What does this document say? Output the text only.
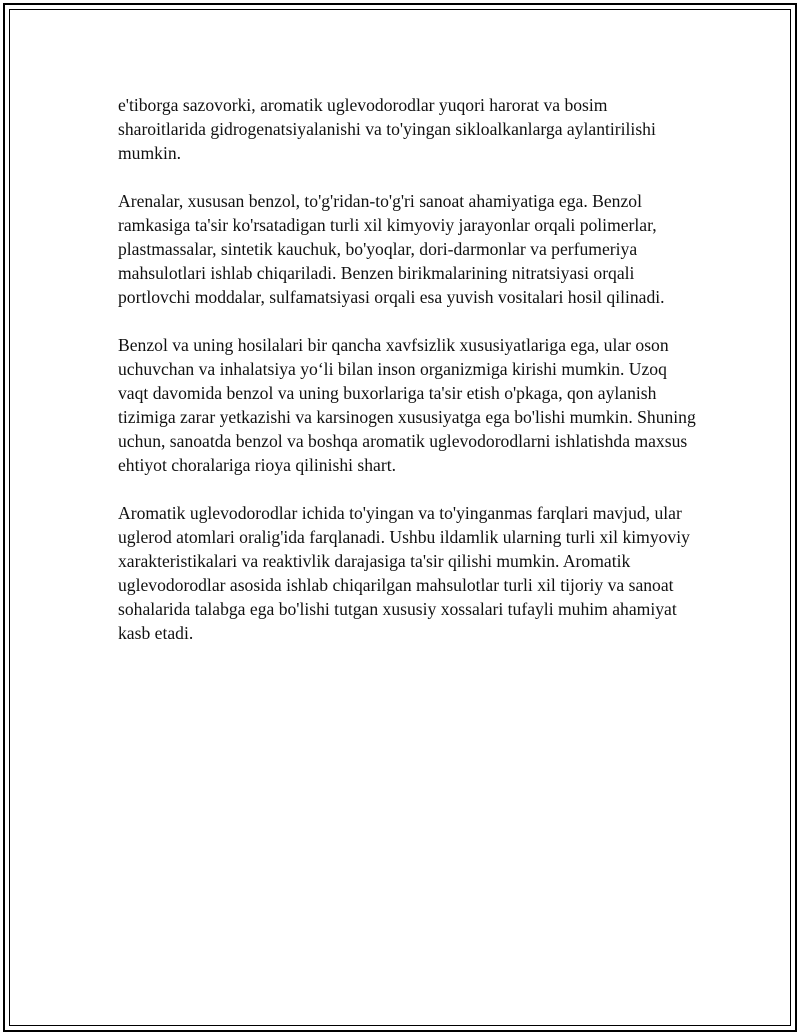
e'tiborga sazovorki, aromatik uglevodorodlar yuqori harorat va bosim sharoitlarida gidrogenatsiyalanishi va to'yingan sikloalkanlarga aylantirilishi mumkin.

Arenalar, xususan benzol, to'g'ridan-to'g'ri sanoat ahamiyatiga ega. Benzol ramkasiga ta'sir ko'rsatadigan turli xil kimyoviy jarayonlar orqali polimerlar, plastmassalar, sintetik kauchuk, bo'yoqlar, dori-darmonlar va perfumeriya mahsulotlari ishlab chiqariladi. Benzen birikmalarining nitratsiyasi orqali portlovchi moddalar, sulfamatsiyasi orqali esa yuvish vositalari hosil qilinadi.

Benzol va uning hosilalari bir qancha xavfsizlik xususiyatlariga ega, ular oson uchuvchan va inhalatsiya yo‘li bilan inson organizmiga kirishi mumkin. Uzoq vaqt davomida benzol va uning buxorlariga ta'sir etish o'pkaga, qon aylanish tizimiga zarar yetkazishi va karsinogen xususiyatga ega bo'lishi mumkin. Shuning uchun, sanoatda benzol va boshqa aromatik uglevodorodlarni ishlatishda maxsus ehtiyot choralariga rioya qilinishi shart.

Aromatik uglevodorodlar ichida to'yingan va to'yinganmas farqlari mavjud, ular uglerod atomlari oralig'ida farqlanadi. Ushbu ildamlik ularning turli xil kimyoviy xarakteristikalari va reaktivlik darajasiga ta'sir qilishi mumkin. Aromatik uglevodorodlar asosida ishlab chiqarilgan mahsulotlar turli xil tijoriy va sanoat sohalarida talabga ega bo'lishi tutgan xususiy xossalari tufayli muhim ahamiyat kasb etadi.
